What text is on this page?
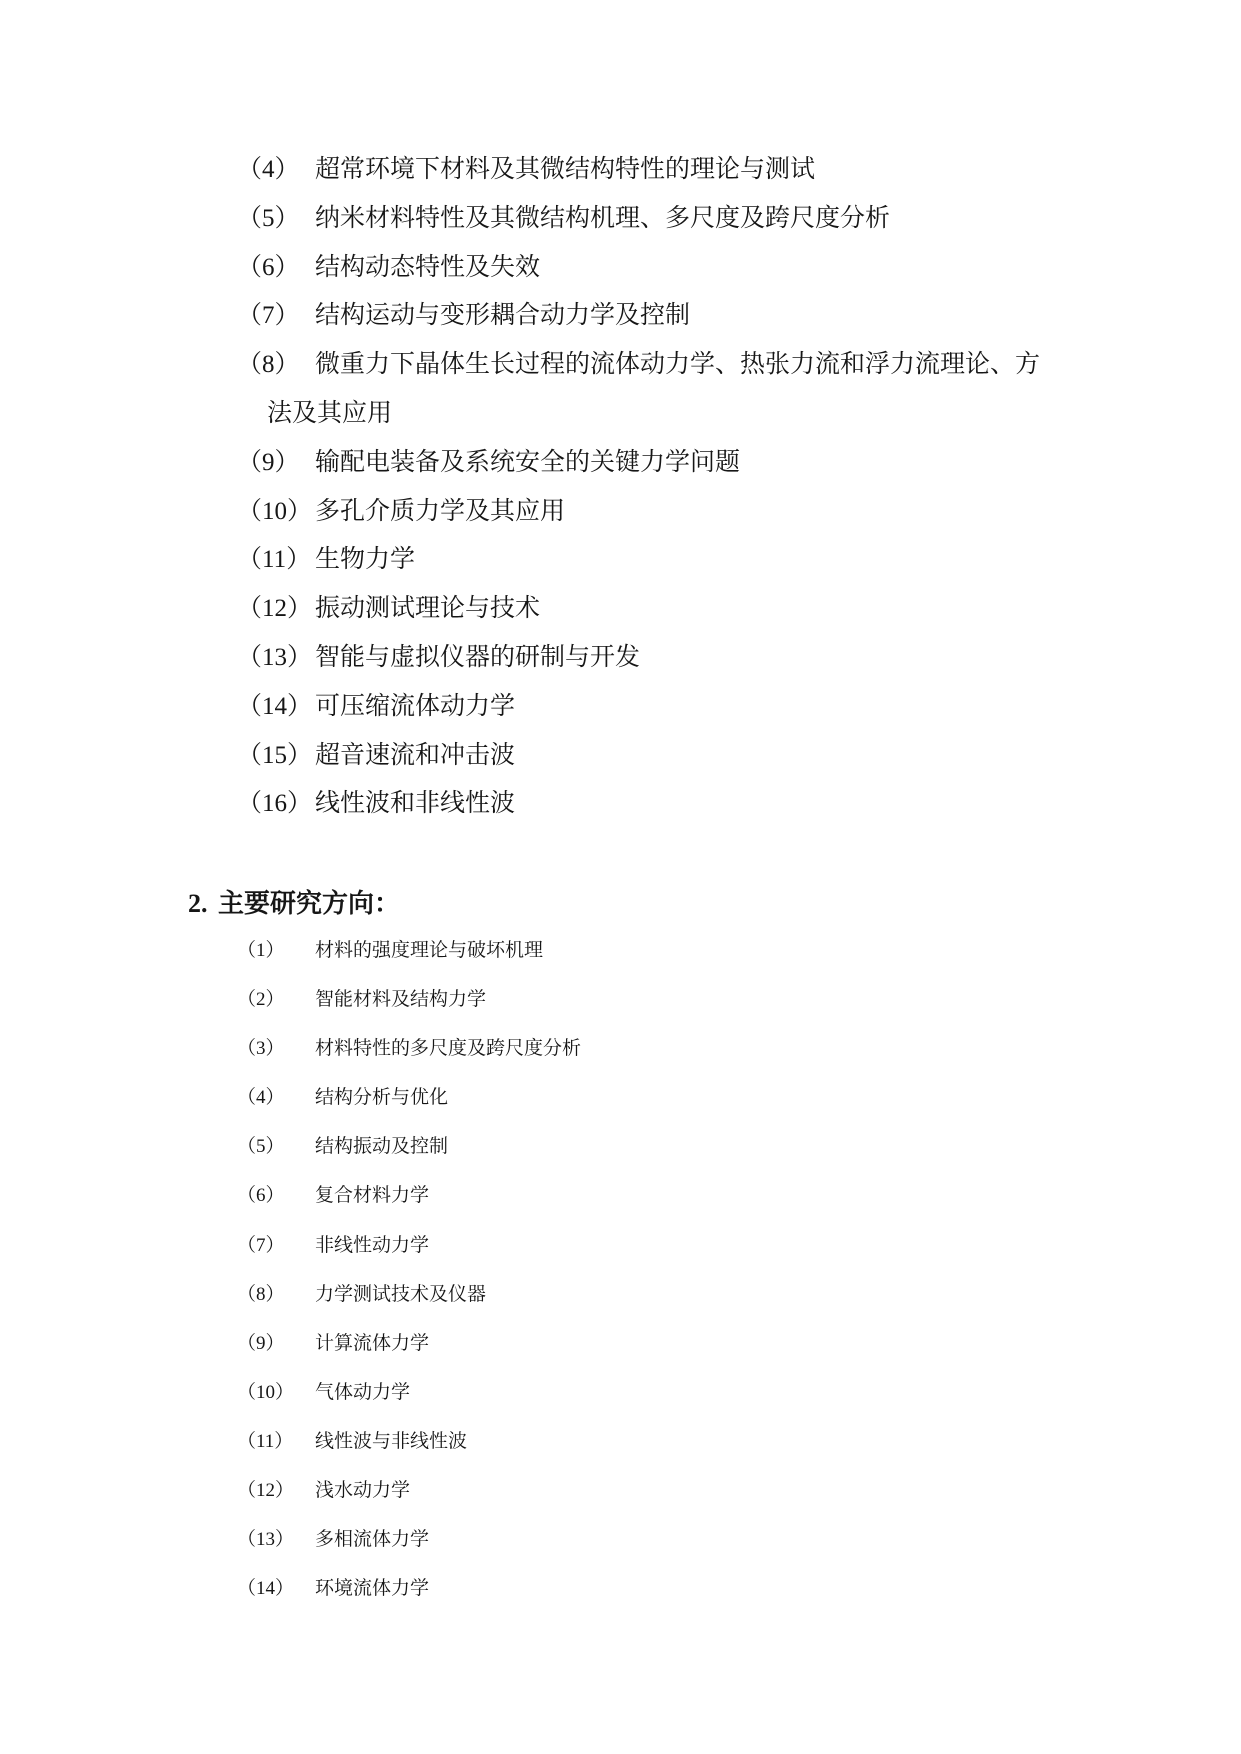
（4） 超常环境下材料及其微结构特性的理论与测试
（5） 纳米材料特性及其微结构机理、多尺度及跨尺度分析
（6） 结构动态特性及失效
（7） 结构运动与变形耦合动力学及控制
（8） 微重力下晶体生长过程的流体动力学、热张力流和浮力流理论、方
法及其应用
（9） 输配电装备及系统安全的关键力学问题
（10） 多孔介质力学及其应用
（11） 生物力学
（12） 振动测试理论与技术
（13） 智能与虚拟仪器的研制与开发
（14） 可压缩流体动力学
（15） 超音速流和冲击波
（16） 线性波和非线性波
2. 主要研究方向：
（1）	材料的强度理论与破坏机理
（2）	智能材料及结构力学
（3）	材料特性的多尺度及跨尺度分析
（4）	结构分析与优化
（5）	结构振动及控制
（6）	复合材料力学
（7）	非线性动力学
（8）	力学测试技术及仪器
（9）	计算流体力学
（10）	气体动力学
（11）	线性波与非线性波
（12）	浅水动力学
（13）	多相流体力学
（14）	环境流体力学
